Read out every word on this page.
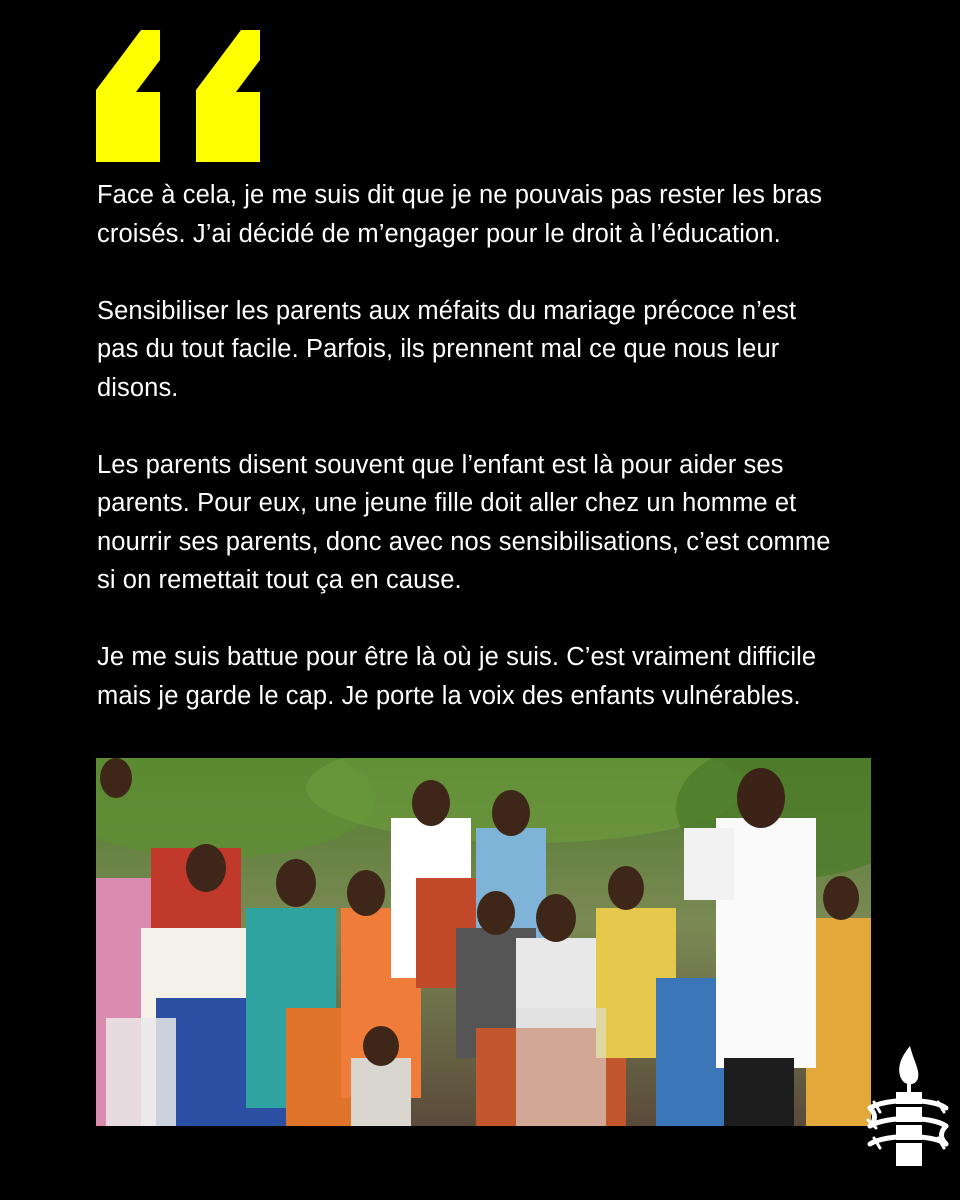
Face à cela, je me suis dit que je ne pouvais pas rester les bras
croisés. J’ai décidé de m’engager pour le droit à l’éducation.

Sensibiliser les parents aux méfaits du mariage précoce n’est
pas du tout facile. Parfois, ils prennent mal ce que nous leur
disons.

Les parents disent souvent que l’enfant est là pour aider ses
parents. Pour eux, une jeune fille doit aller chez un homme et
nourrir ses parents, donc avec nos sensibilisations, c’est comme
si on remettait tout ça en cause.

Je me suis battue pour être là où je suis. C’est vraiment difficile
mais je garde le cap. Je porte la voix des enfants vulnérables.
